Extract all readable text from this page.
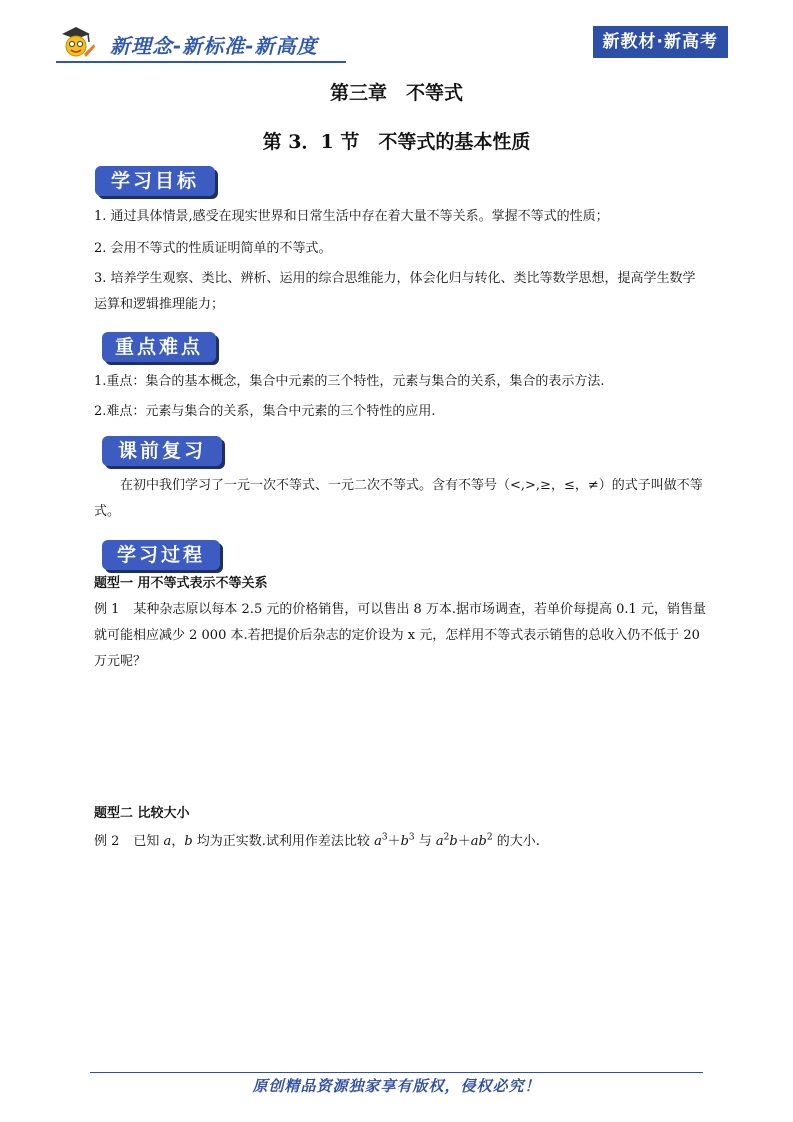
新理念-新标准-新高度	新教材·新高考
第三章　不等式
第 3．1 节　不等式的基本性质
学习目标

1. 通过具体情景,感受在现实世界和日常生活中存在着大量不等关系。掌握不等式的性质；

2. 会用不等式的性质证明简单的不等式。

3. 培养学生观察、类比、辨析、运用的综合思维能力，体会化归与转化、类比等数学思想，提高学生数学运算和逻辑推理能力；

重点难点

1.重点：集合的基本概念，集合中元素的三个特性，元素与集合的关系，集合的表示方法.

2.难点：元素与集合的关系，集合中元素的三个特性的应用.

课前复习

在初中我们学习了一元一次不等式、一元二次不等式。含有不等号（<,>,≥，≤，≠）的式子叫做不等式。

学习过程
题型一 用不等式表示不等关系

例 1 某种杂志原以每本 2.5 元的价格销售，可以售出 8 万本.据市场调查，若单价每提高 0.1 元，销售量就可能相应减少 2 000 本.若把提价后杂志的定价设为 x 元，怎样用不等式表示销售的总收入仍不低于 20 万元呢？

题型二 比较大小

例 2 已知 a，b 均为正实数.试利用作差法比较 $a^3+b^3$ 与 $a^2b+ab^2$ 的大小.

原创精品资源独家享有版权，侵权必究！
